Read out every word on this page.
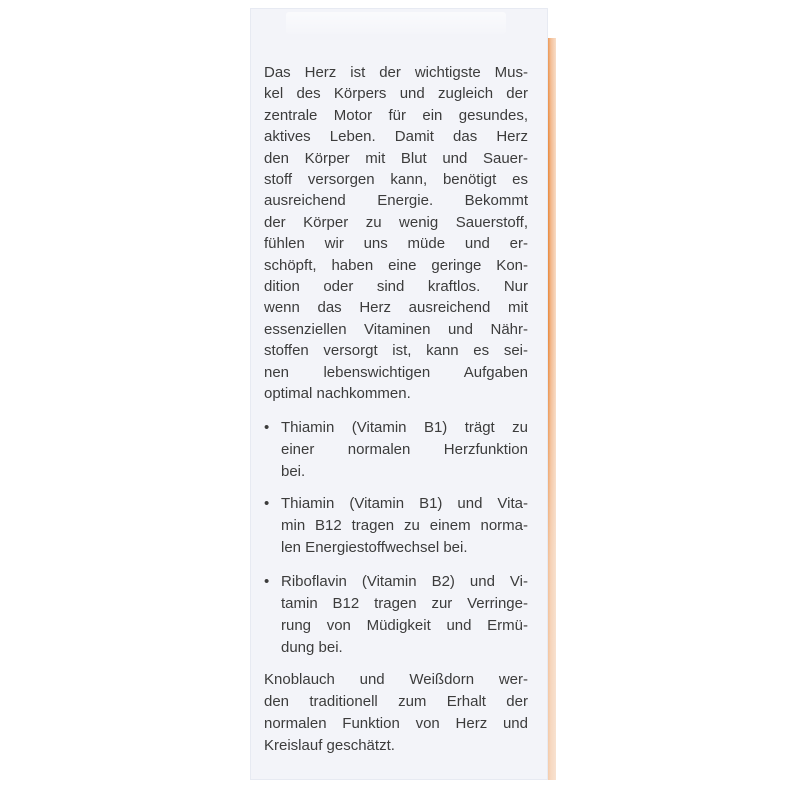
Das Herz ist der wichtigste Mus-
kel des Körpers und zugleich der
zentrale Motor für ein gesundes,
aktives Leben. Damit das Herz
den Körper mit Blut und Sauer-
stoff versorgen kann, benötigt es
ausreichend Energie. Bekommt
der Körper zu wenig Sauerstoff,
fühlen wir uns müde und er-
schöpft, haben eine geringe Kon-
dition oder sind kraftlos. Nur
wenn das Herz ausreichend mit
essenziellen Vitaminen und Nähr-
stoffen versorgt ist, kann es sei-
nen lebenswichtigen Aufgaben
optimal nachkommen.
• Thiamin (Vitamin B1) trägt zu
einer normalen Herzfunktion
bei.
• Thiamin (Vitamin B1) und Vita-
min B12 tragen zu einem norma-
len Energiestoffwechsel bei.
• Riboflavin (Vitamin B2) und Vi-
tamin B12 tragen zur Verringe-
rung von Müdigkeit und Ermü-
dung bei.
Knoblauch und Weißdorn wer-
den traditionell zum Erhalt der
normalen Funktion von Herz und
Kreislauf geschätzt.
